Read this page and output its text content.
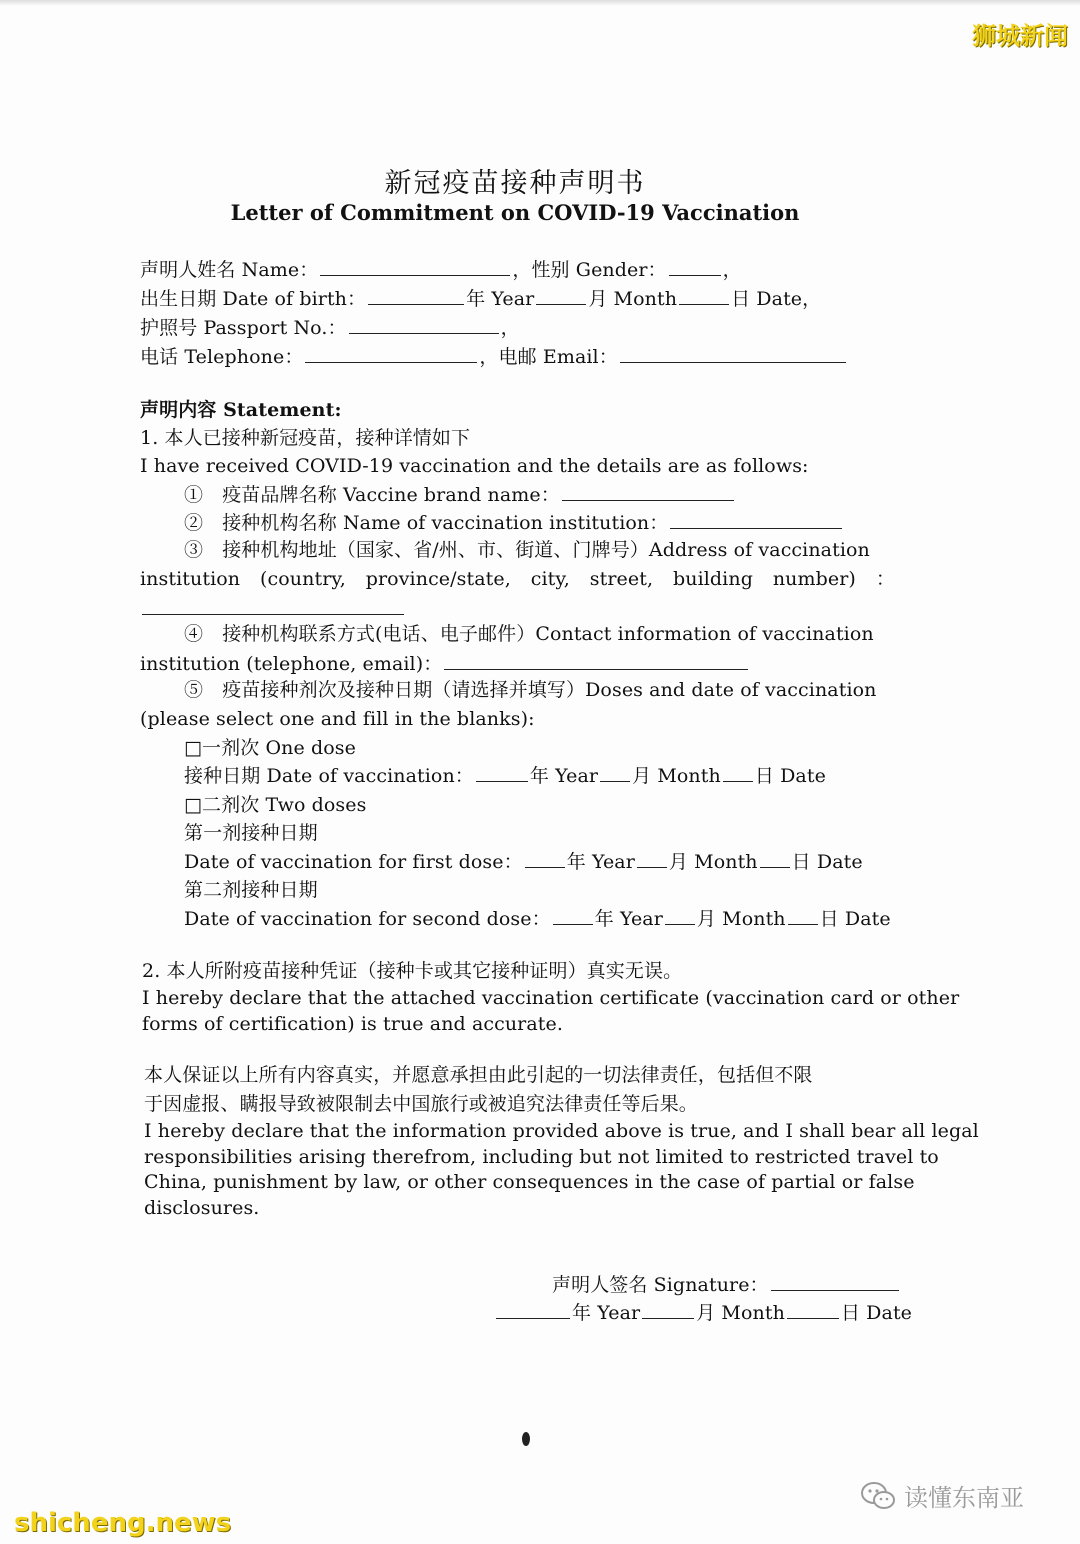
狮城新闻
新冠疫苗接种声明书
Letter of Commitment on COVID-19 Vaccination
声明人姓名 Name：	，性别 Gender：	，
出生日期 Date of birth：	年 Year	月 Month	日 Date，
护照号 Passport No.：	，
电话 Telephone：	，电邮 Email：
声明内容 Statement:
1. 本人已接种新冠疫苗，接种详情如下
I have received COVID-19 vaccination and the details are as follows:
①　疫苗品牌名称 Vaccine brand name：
②　接种机构名称 Name of vaccination institution：
③　接种机构地址（国家、省/州、市、街道、门牌号）Address of vaccination
institution (country, province/state, city, street, building number) ：
④　接种机构联系方式(电话、电子邮件）Contact information of vaccination
institution (telephone, email)：
⑤　疫苗接种剂次及接种日期（请选择并填写）Doses and date of vaccination
(please select one and fill in the blanks):
□一剂次 One dose
接种日期 Date of vaccination：	年 Year 月 Month 日 Date
□二剂次 Two doses
第一剂接种日期
Date of vaccination for first dose： 年 Year 月 Month 日 Date
第二剂接种日期
Date of vaccination for second dose： 年 Year 月 Month 日 Date
2. 本人所附疫苗接种凭证（接种卡或其它接种证明）真实无误。
I hereby declare that the attached vaccination certificate (vaccination card or other
forms of certification) is true and accurate.
本人保证以上所有内容真实，并愿意承担由此引起的一切法律责任，包括但不限
于因虚报、瞒报导致被限制去中国旅行或被追究法律责任等后果。
I hereby declare that the information provided above is true, and I shall bear all legal
responsibilities arising therefrom, including but not limited to restricted travel to
China, punishment by law, or other consequences in the case of partial or false
disclosures.
声明人签名 Signature：
年 Year	月 Month	日 Date
读懂东南亚
shicheng.news
